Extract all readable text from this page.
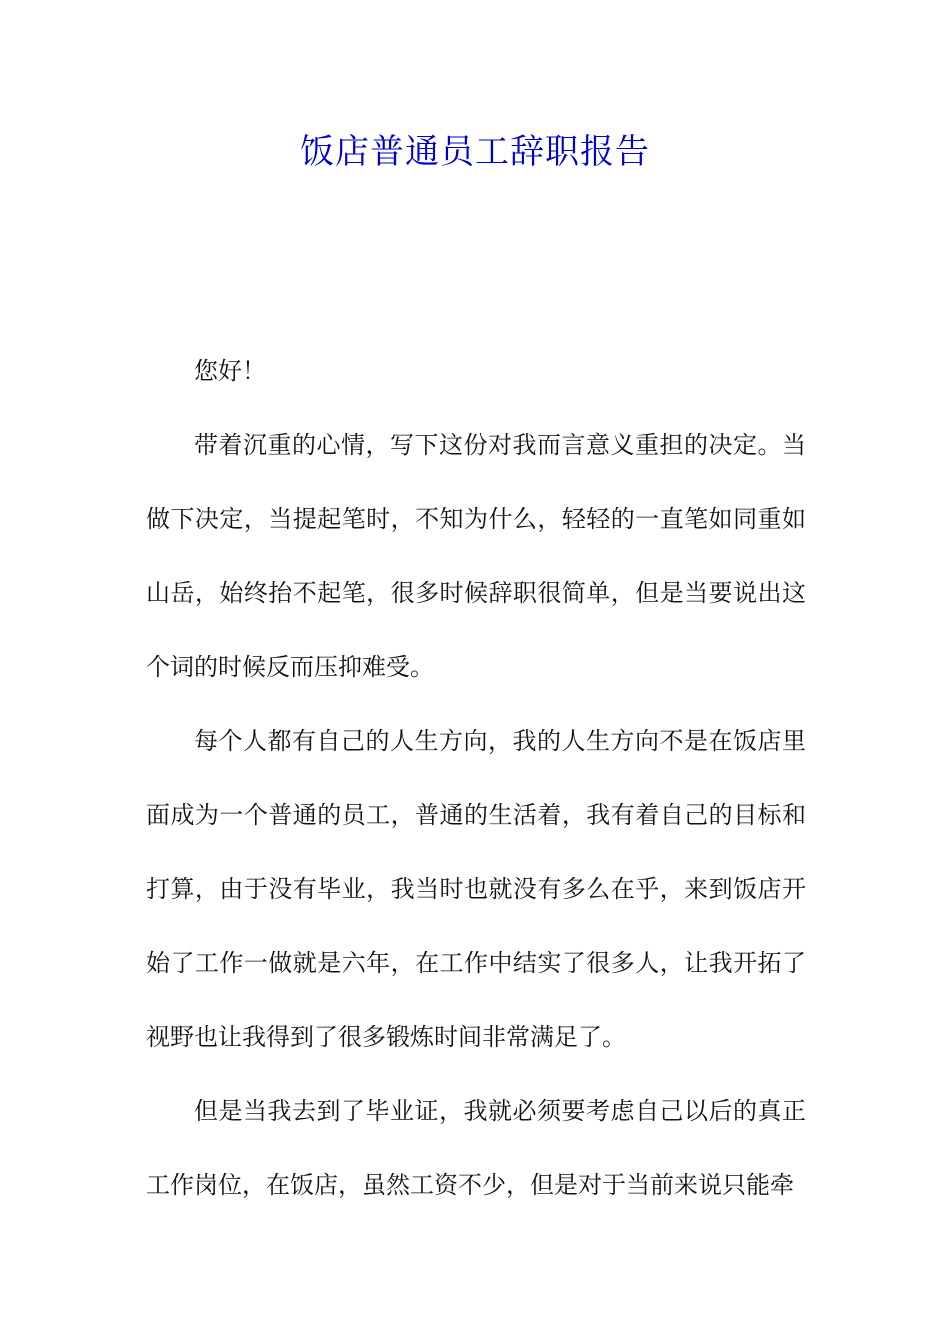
饭店普通员工辞职报告

您好！

带着沉重的心情，写下这份对我而言意义重担的决定。当做下决定，当提起笔时，不知为什么，轻轻的一直笔如同重如山岳，始终抬不起笔，很多时候辞职很简单，但是当要说出这个词的时候反而压抑难受。

每个人都有自己的人生方向，我的人生方向不是在饭店里面成为一个普通的员工，普通的生活着，我有着自己的目标和打算，由于没有毕业，我当时也就没有多么在乎，来到饭店开始了工作一做就是六年，在工作中结实了很多人，让我开拓了视野也让我得到了很多锻炼时间非常满足了。

但是当我去到了毕业证，我就必须要考虑自己以后的真正工作岗位，在饭店，虽然工资不少，但是对于当前来说只能牵
